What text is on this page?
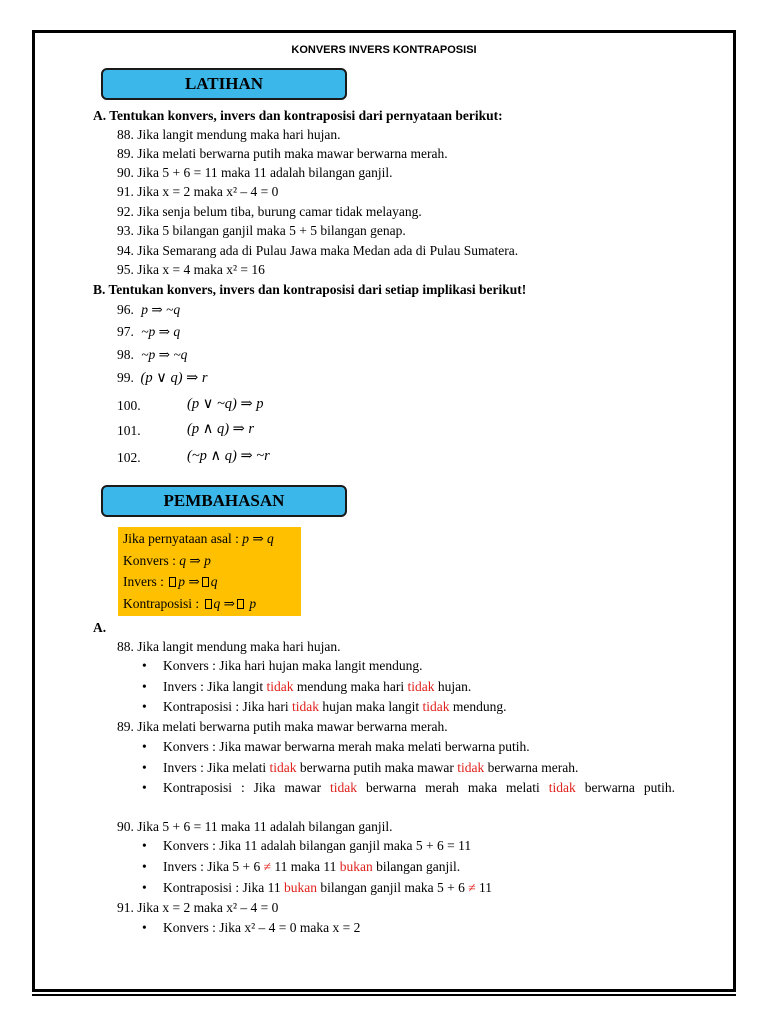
KONVERS INVERS KONTRAPOSISI
LATIHAN
A. Tentukan konvers, invers dan kontraposisi dari pernyataan berikut:
88. Jika langit mendung maka hari hujan.
89. Jika melati berwarna putih maka mawar berwarna merah.
90. Jika 5 + 6 = 11 maka 11 adalah bilangan ganjil.
91. Jika x = 2 maka x² – 4 = 0
92. Jika senja belum tiba, burung camar tidak melayang.
93. Jika 5 bilangan ganjil maka 5 + 5 bilangan genap.
94. Jika Semarang ada di Pulau Jawa maka Medan ada di Pulau Sumatera.
95. Jika x = 4 maka x² = 16
B. Tentukan konvers, invers dan kontraposisi dari setiap implikasi berikut!
96. p ⇒ ~q
97. ~p ⇒ q
98. ~p ⇒ ~q
99. (p ∨ q) ⇒ r
100.	(p ∨ ~q) ⇒ p
101.	(p ∧ q) ⇒ r
102.	(~p ∧ q) ⇒ ~r
PEMBAHASAN
Jika pernyataan asal : p ⇒ q
Konvers : q ⇒ p
Invers : p ⇒ q
Kontraposisi : q ⇒ p
A.
88. Jika langit mendung maka hari hujan.
• Konvers : Jika hari hujan maka langit mendung.
• Invers : Jika langit tidak mendung maka hari tidak hujan.
• Kontraposisi : Jika hari tidak hujan maka langit tidak mendung.
89. Jika melati berwarna putih maka mawar berwarna merah.
• Konvers : Jika mawar berwarna merah maka melati berwarna putih.
• Invers : Jika melati tidak berwarna putih maka mawar tidak berwarna merah.
• Kontraposisi : Jika mawar tidak berwarna merah maka melati tidak berwarna putih.
90. Jika 5 + 6 = 11 maka 11 adalah bilangan ganjil.
• Konvers : Jika 11 adalah bilangan ganjil maka 5 + 6 = 11
• Invers : Jika 5 + 6 ≠ 11 maka 11 bukan bilangan ganjil.
• Kontraposisi : Jika 11 bukan bilangan ganjil maka 5 + 6 ≠ 11
91. Jika x = 2 maka x² – 4 = 0
• Konvers : Jika x² – 4 = 0 maka x = 2
